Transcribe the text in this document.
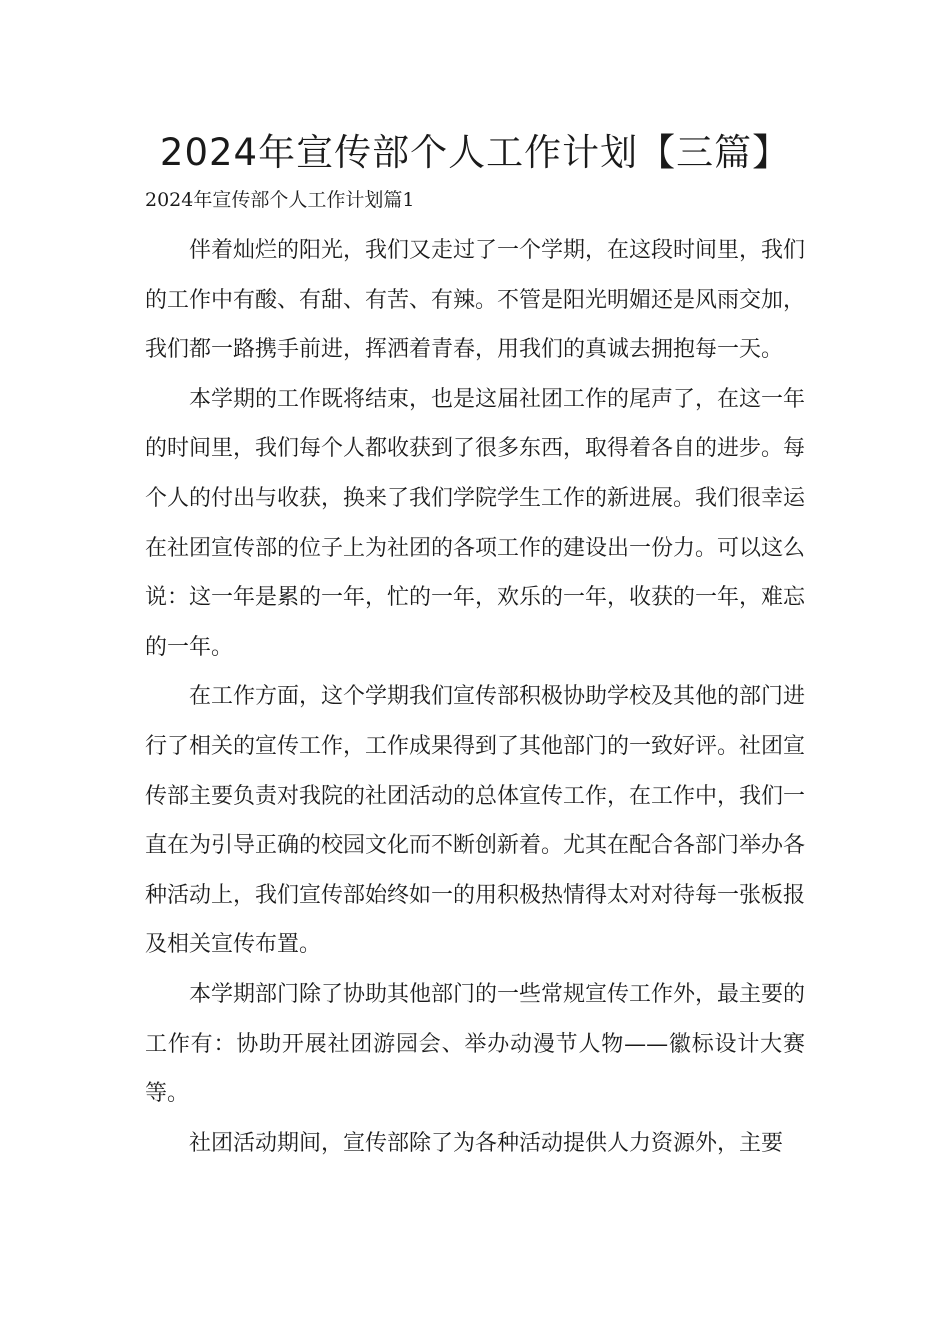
2024年宣传部个人工作计划【三篇】

2024年宣传部个人工作计划篇1

伴着灿烂的阳光，我们又走过了一个学期，在这段时间里，我们的工作中有酸、有甜、有苦、有辣。不管是阳光明媚还是风雨交加，我们都一路携手前进，挥洒着青春，用我们的真诚去拥抱每一天。

本学期的工作既将结束，也是这届社团工作的尾声了，在这一年的时间里，我们每个人都收获到了很多东西，取得着各自的进步。每个人的付出与收获，换来了我们学院学生工作的新进展。我们很幸运在社团宣传部的位子上为社团的各项工作的建设出一份力。可以这么说：这一年是累的一年，忙的一年，欢乐的一年，收获的一年，难忘的一年。

在工作方面，这个学期我们宣传部积极协助学校及其他的部门进行了相关的宣传工作，工作成果得到了其他部门的一致好评。社团宣传部主要负责对我院的社团活动的总体宣传工作，在工作中，我们一直在为引导正确的校园文化而不断创新着。尤其在配合各部门举办各种活动上，我们宣传部始终如一的用积极热情得太对对待每一张板报及相关宣传布置。

本学期部门除了协助其他部门的一些常规宣传工作外，最主要的工作有：协助开展社团游园会、举办动漫节人物——徽标设计大赛等。

社团活动期间，宣传部除了为各种活动提供人力资源外，主要
